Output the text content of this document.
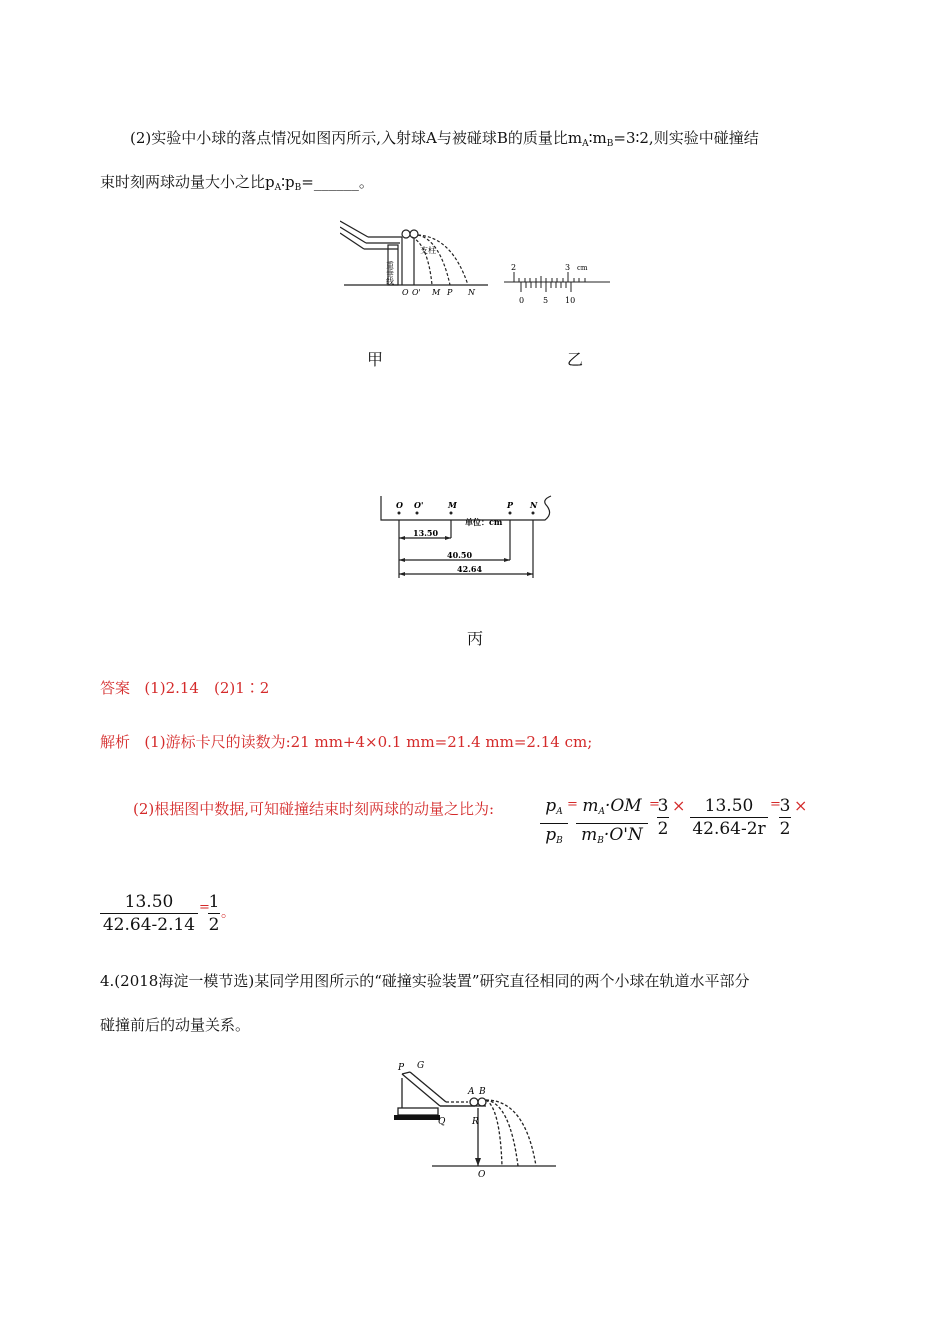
(2)实验中小球的落点情况如图丙所示,入射球A与被碰球B的质量比$m_A∶m_B=3∶2$,则实验中碰撞结
束时刻两球动量大小之比$p_A∶p_B=\_\_\_\_\_\_$。
重垂线
支柱
O O' M P N
2	3 cm
0 5 10
甲	乙
O O'	M	P N
单位：cm
13.50
40.50
42.64
丙
答案 (1)2.14　(2)1∶2
解析 (1)游标卡尺的读数为:21 mm+4×0.1 mm=21.4 mm=2.14 cm;
(2)根据图中数据,可知碰撞结束时刻两球的动量之比为:	$p_A$
$p_B$
= $m_A\cdot OM$
$m_B\cdot O'N$
=
3
2
×	13.50
42.64-2r
=
3
2
×
13.50
42.64-2.14
=
1
2
。
4.(2018海淀一模节选)某同学用图所示的“碰撞实验装置”研究直径相同的两个小球在轨道水平部分
碰撞前后的动量关系。
P G
A B
Q	R
O
